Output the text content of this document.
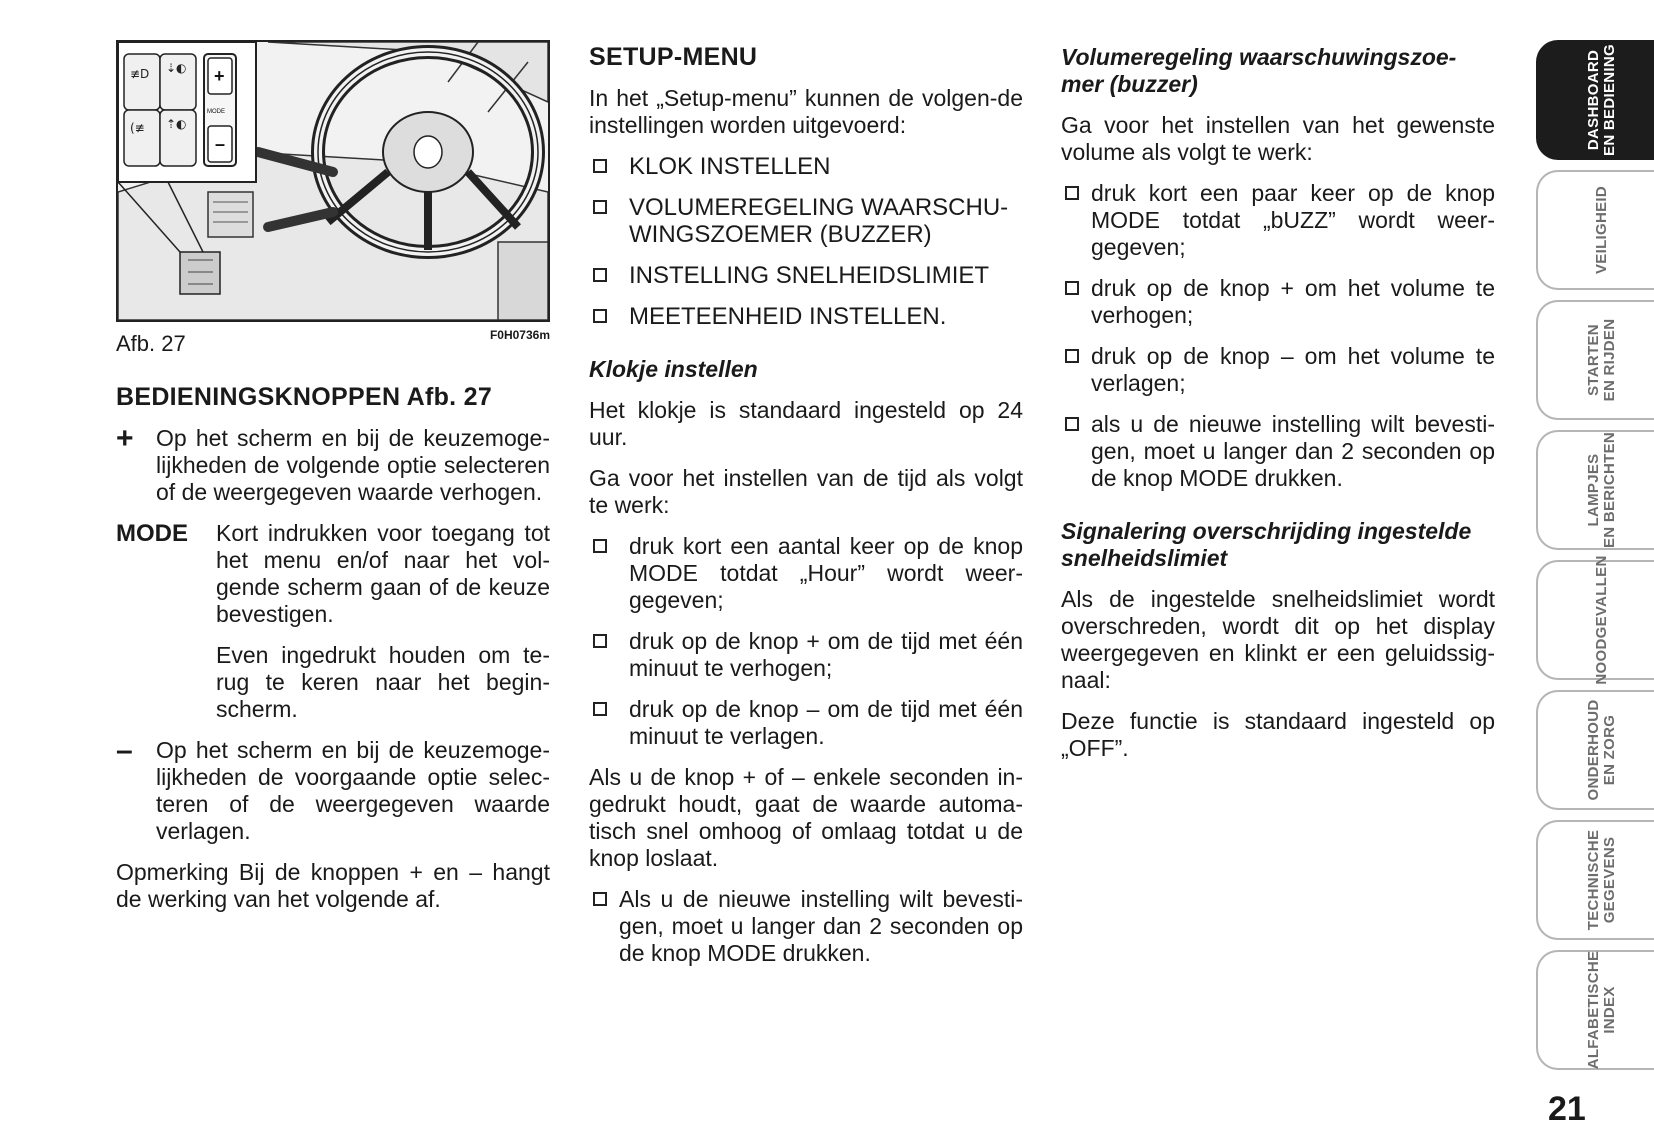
≢D ⇣◐
(≢ ⇡◐
+
MODE
–
Afb. 27	F0H0736m
BEDIENINGSKNOPPEN Afb. 27
+ Op het scherm en bij de keuzemoge-lijkheden de volgende optie selecteren of de weergegeven waarde verhogen.
MODE	Kort indrukken voor toegang tot het menu en/of naar het vol-gende scherm gaan of de keuze bevestigen.
Even ingedrukt houden om te-rug te keren naar het begin-scherm.
–	Op het scherm en bij de keuzemoge-lijkheden de voorgaande optie selec-teren of de weergegeven waarde verlagen.

Opmerking Bij de knoppen + en – hangt de werking van het volgende af.

SETUP-MENU

In het „Setup-menu” kunnen de volgen-de instellingen worden uitgevoerd:

KLOK INSTELLEN
VOLUMEREGELING WAARSCHU-WINGSZOEMER (BUZZER)
INSTELLING SNELHEIDSLIMIET
MEETEENHEID INSTELLEN.
Klokje instellen

Het klokje is standaard ingesteld op 24 uur.

Ga voor het instellen van de tijd als volgt te werk:

druk kort een aantal keer op de knop MODE totdat „Hour” wordt weer-gegeven;
druk op de knop + om de tijd met één minuut te verhogen;
druk op de knop – om de tijd met één minuut te verlagen.

Als u de knop + of – enkele seconden in-gedrukt houdt, gaat de waarde automa-tisch snel omhoog of omlaag totdat u de knop loslaat.

Als u de nieuwe instelling wilt bevesti-gen, moet u langer dan 2 seconden op de knop MODE drukken.
Volumeregeling waarschuwingszoe-mer (buzzer)

Ga voor het instellen van het gewenste volume als volgt te werk:

druk kort een paar keer op de knop MODE totdat „bUZZ” wordt weer-gegeven;
druk op de knop + om het volume te verhogen;
druk op de knop – om het volume te verlagen;
als u de nieuwe instelling wilt bevesti-gen, moet u langer dan 2 seconden op de knop MODE drukken.
Signalering overschrijding ingestelde snelheidslimiet

Als de ingestelde snelheidslimiet wordt overschreden, wordt dit op het display weergegeven en klinkt er een geluidssig-naal:

Deze functie is standaard ingesteld op „OFF”.

DASHBOARD
EN BEDIENING
VEILIGHEID
STARTEN
EN RIJDEN
LAMPJES
EN BERICHTEN
NOODGEVALLEN
ONDERHOUD
EN ZORG
TECHNISCHE
GEGEVENS
ALFABETISCHE
INDEX
21
